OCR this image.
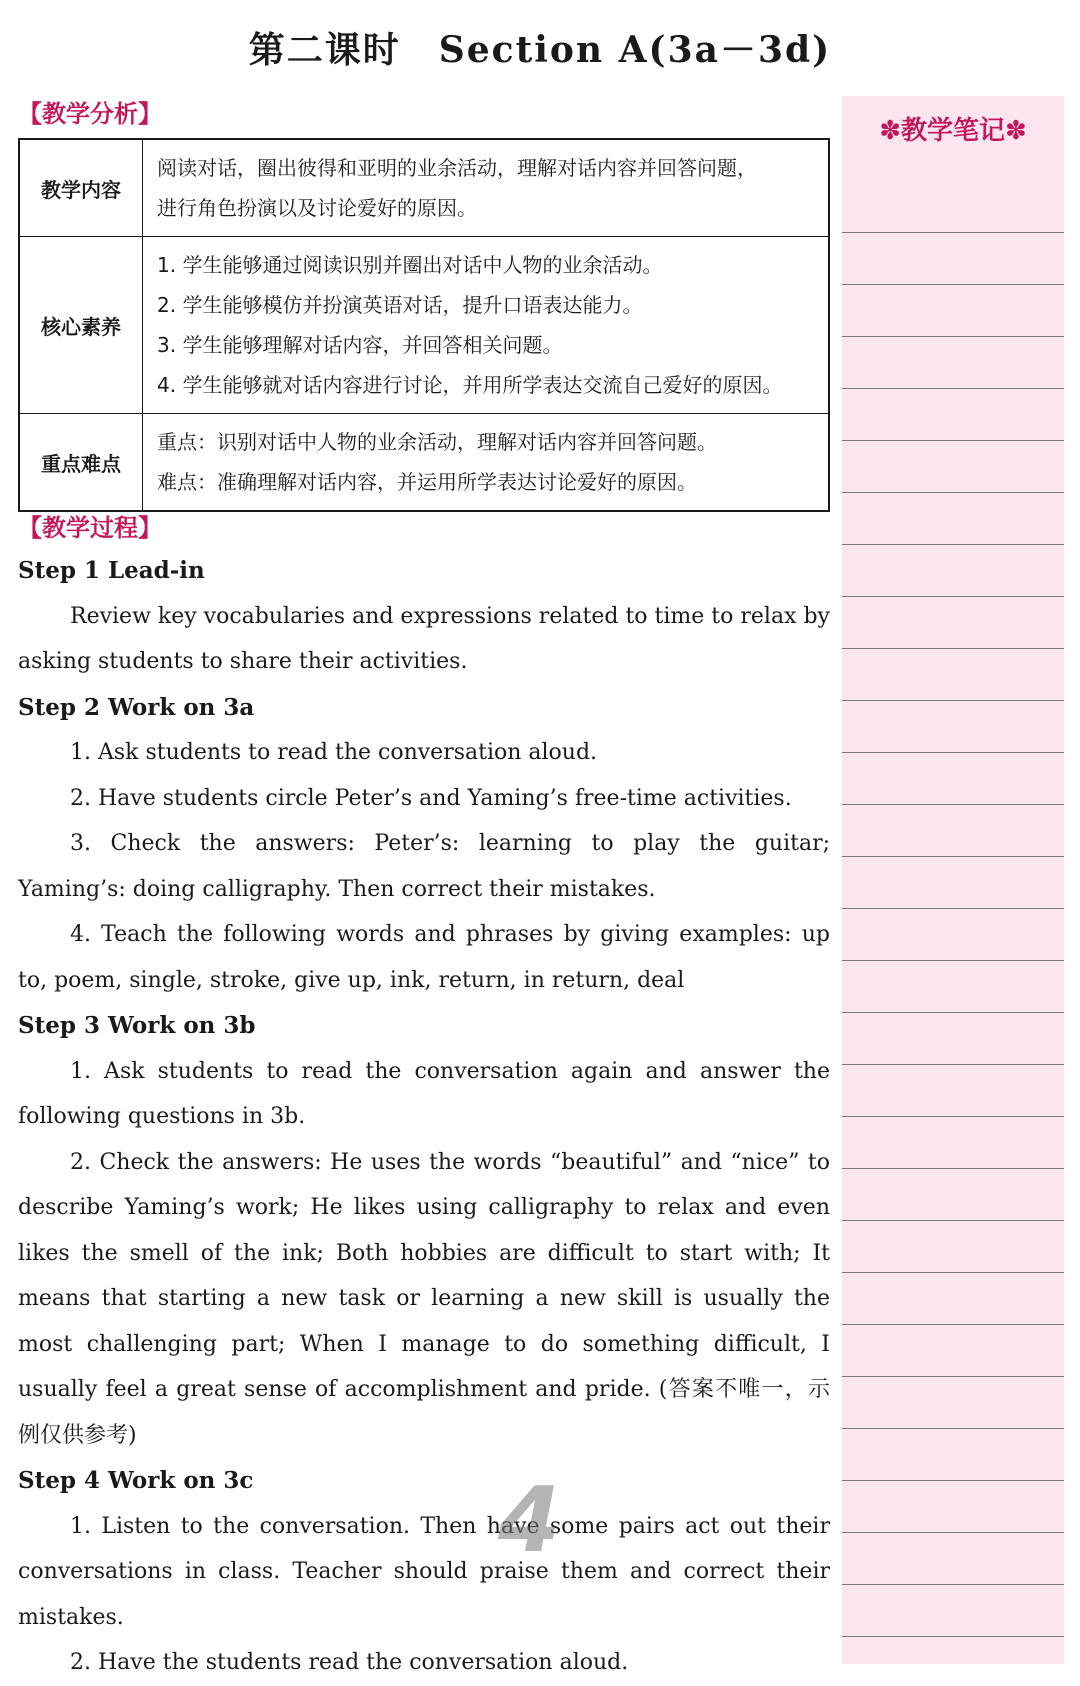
第二课时　Section A(3a－3d)
【教学分析】
教学内容	阅读对话，圈出彼得和亚明的业余活动，理解对话内容并回答问题，
进行角色扮演以及讨论爱好的原因。

核心素养	1. 学生能够通过阅读识别并圈出对话中人物的业余活动。
2. 学生能够模仿并扮演英语对话，提升口语表达能力。
3. 学生能够理解对话内容，并回答相关问题。
4. 学生能够就对话内容进行讨论，并用所学表达交流自己爱好的原因。

重点难点	重点：识别对话中人物的业余活动，理解对话内容并回答问题。
难点：准确理解对话内容，并运用所学表达讨论爱好的原因。
【教学过程】
Step 1 Lead-in
Review key vocabularies and expressions related to time to relax by asking students to share their activities.
Step 2 Work on 3a
1. Ask students to read the conversation aloud.
2. Have students circle Peter’s and Yaming’s free-time activities.
3. Check the answers: Peter’s: learning to play the guitar; Yaming’s: doing calligraphy. Then correct their mistakes.
4. Teach the following words and phrases by giving examples: up to, poem, single, stroke, give up, ink, return, in return, deal
Step 3 Work on 3b
1. Ask students to read the conversation again and answer the following questions in 3b.
2. Check the answers: He uses the words “beautiful” and “nice” to describe Yaming’s work; He likes using calligraphy to relax and even likes the smell of the ink; Both hobbies are difficult to start with; It means that starting a new task or learning a new skill is usually the most challenging part; When I manage to do something difficult, I usually feel a great sense of accomplishment and pride. (答案不唯一，示例仅供参考)
Step 4 Work on 3c
1. Listen to the conversation. Then have some pairs act out their conversations in class. Teacher should praise them and correct their mistakes.
2. Have the students read the conversation aloud.
✽教学笔记✽
4
